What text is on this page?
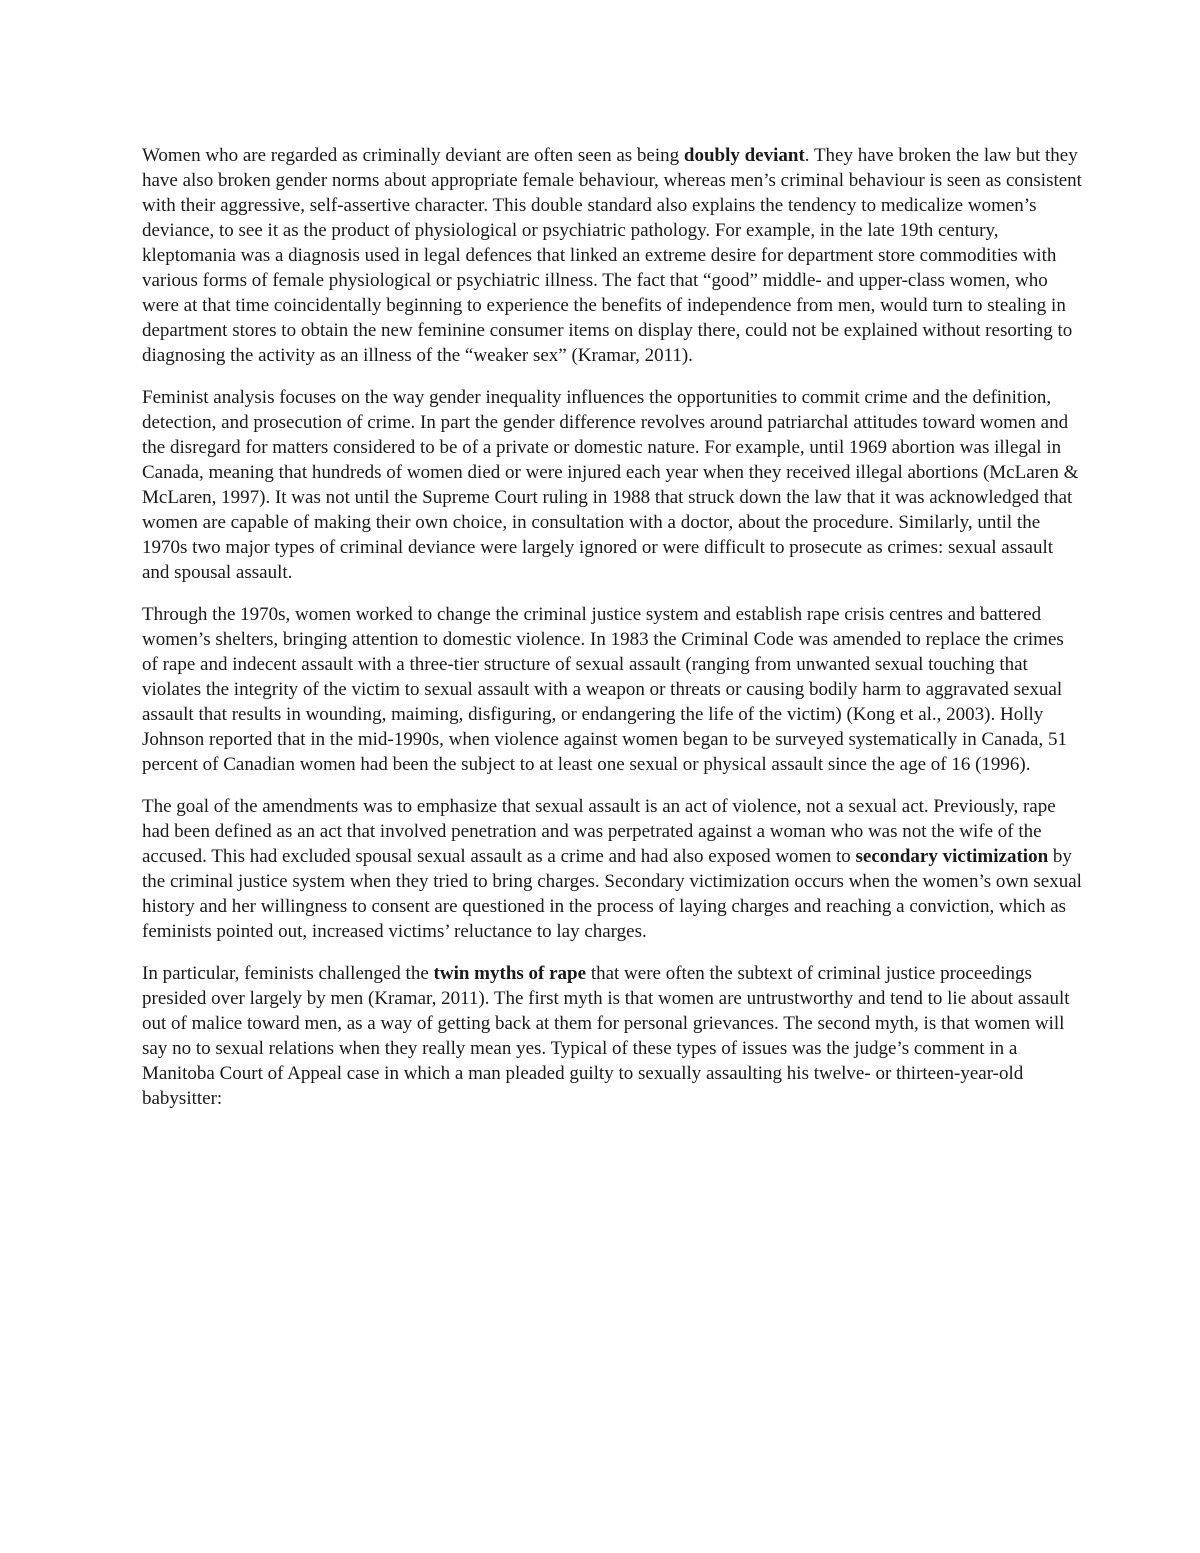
Women who are regarded as criminally deviant are often seen as being doubly deviant. They have broken the law but they have also broken gender norms about appropriate female behaviour, whereas men’s criminal behaviour is seen as consistent with their aggressive, self-assertive character. This double standard also explains the tendency to medicalize women’s deviance, to see it as the product of physiological or psychiatric pathology. For example, in the late 19th century, kleptomania was a diagnosis used in legal defences that linked an extreme desire for department store commodities with various forms of female physiological or psychiatric illness. The fact that “good” middle- and upper-class women, who were at that time coincidentally beginning to experience the benefits of independence from men, would turn to stealing in department stores to obtain the new feminine consumer items on display there, could not be explained without resorting to diagnosing the activity as an illness of the “weaker sex” (Kramar, 2011).

Feminist analysis focuses on the way gender inequality influences the opportunities to commit crime and the definition, detection, and prosecution of crime. In part the gender difference revolves around patriarchal attitudes toward women and the disregard for matters considered to be of a private or domestic nature. For example, until 1969 abortion was illegal in Canada, meaning that hundreds of women died or were injured each year when they received illegal abortions (McLaren & McLaren, 1997). It was not until the Supreme Court ruling in 1988 that struck down the law that it was acknowledged that women are capable of making their own choice, in consultation with a doctor, about the procedure. Similarly, until the 1970s two major types of criminal deviance were largely ignored or were difficult to prosecute as crimes: sexual assault and spousal assault.

Through the 1970s, women worked to change the criminal justice system and establish rape crisis centres and battered women’s shelters, bringing attention to domestic violence. In 1983 the Criminal Code was amended to replace the crimes of rape and indecent assault with a three-tier structure of sexual assault (ranging from unwanted sexual touching that violates the integrity of the victim to sexual assault with a weapon or threats or causing bodily harm to aggravated sexual assault that results in wounding, maiming, disfiguring, or endangering the life of the victim) (Kong et al., 2003). Holly Johnson reported that in the mid-1990s, when violence against women began to be surveyed systematically in Canada, 51 percent of Canadian women had been the subject to at least one sexual or physical assault since the age of 16 (1996).

The goal of the amendments was to emphasize that sexual assault is an act of violence, not a sexual act. Previously, rape had been defined as an act that involved penetration and was perpetrated against a woman who was not the wife of the accused. This had excluded spousal sexual assault as a crime and had also exposed women to secondary victimization by the criminal justice system when they tried to bring charges. Secondary victimization occurs when the women’s own sexual history and her willingness to consent are questioned in the process of laying charges and reaching a conviction, which as feminists pointed out, increased victims’ reluctance to lay charges.

In particular, feminists challenged the twin myths of rape that were often the subtext of criminal justice proceedings presided over largely by men (Kramar, 2011). The first myth is that women are untrustworthy and tend to lie about assault out of malice toward men, as a way of getting back at them for personal grievances. The second myth, is that women will say no to sexual relations when they really mean yes. Typical of these types of issues was the judge’s comment in a Manitoba Court of Appeal case in which a man pleaded guilty to sexually assaulting his twelve- or thirteen-year-old babysitter:
